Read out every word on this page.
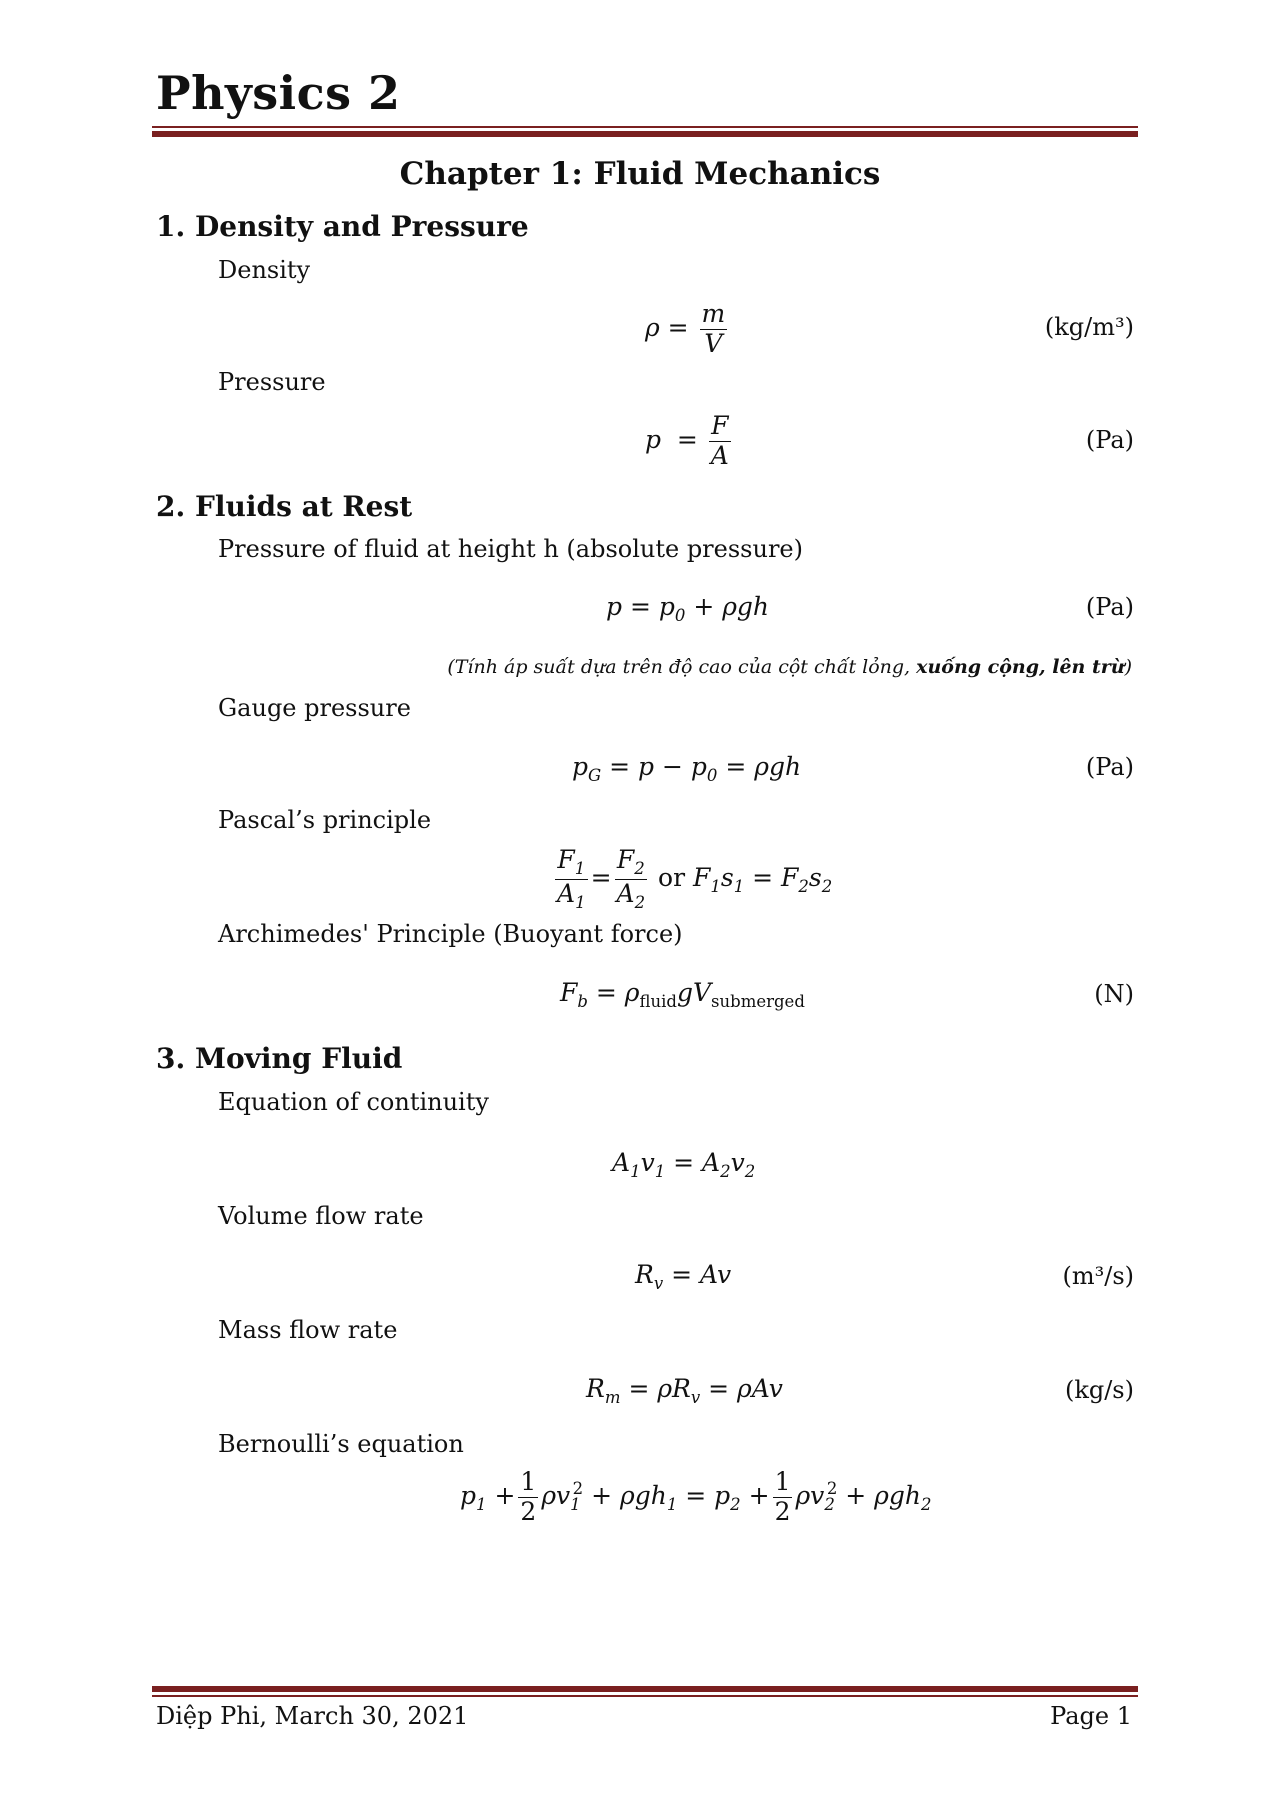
Physics 2
Chapter 1: Fluid Mechanics
1. Density and Pressure
Density
$\rho = \frac{m}{V}$	(kg/m³)
Pressure
$p = \frac{F}{A}$	(Pa)
2. Fluids at Rest
Pressure of fluid at height h (absolute pressure)
$p = p_0 + \rho gh$	(Pa)
(Tính áp suất dựa trên độ cao của cột chất lỏng, xuống cộng, lên trừ)
Gauge pressure
$p_G = p - p_0 = \rho gh$	(Pa)
Pascal’s principle
$\frac{F_1}{A_1} = \frac{F_2}{A_2}$ or $F_1s_1 = F_2s_2$
Archimedes' Principle (Buoyant force)
$F_b = \rho_{fluid}gV_{submerged}$	(N)
3. Moving Fluid
Equation of continuity
$A_1v_1 = A_2v_2$
Volume flow rate
$R_v = Av$	(m³/s)
Mass flow rate
$R_m = \rho R_v = \rho Av$	(kg/s)
Bernoulli’s equation
$p_1 + \frac{1}{2} \rho v_1^2 + \rho gh_1 = p_2 + \frac{1}{2} \rho v_2^2 + \rho gh_2$
Diệp Phi, March 30, 2021	Page 1
